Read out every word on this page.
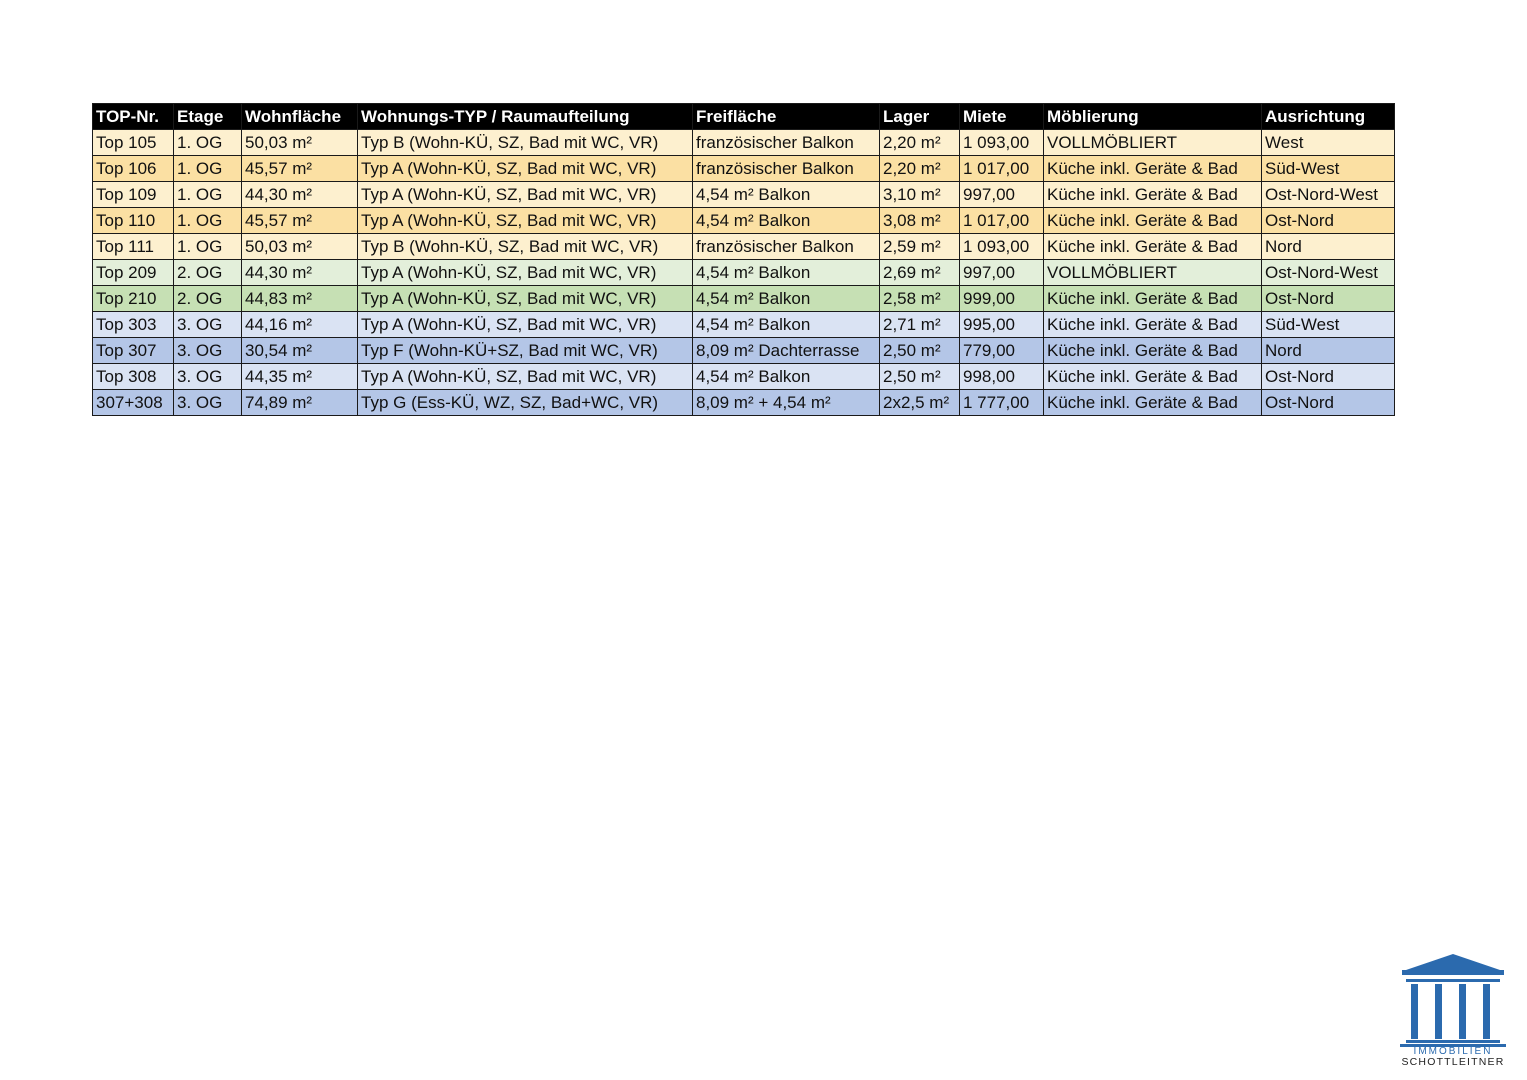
TOP-Nr.	Etage	Wohnfläche	Wohnungs-TYP / Raumaufteilung	Freifläche	Lager	Miete	Möblierung	Ausrichtung
Top 105	1. OG	50,03 m²	Typ B (Wohn-KÜ, SZ, Bad mit WC, VR)	französischer Balkon	2,20 m²	1 093,00	VOLLMÖBLIERT	West
Top 106	1. OG	45,57 m²	Typ A (Wohn-KÜ, SZ, Bad mit WC, VR)	französischer Balkon	2,20 m²	1 017,00	Küche inkl. Geräte & Bad	Süd-West
Top 109	1. OG	44,30 m²	Typ A (Wohn-KÜ, SZ, Bad mit WC, VR)	4,54 m² Balkon	3,10 m²	997,00	Küche inkl. Geräte & Bad	Ost-Nord-West
Top 110	1. OG	45,57 m²	Typ A (Wohn-KÜ, SZ, Bad mit WC, VR)	4,54 m² Balkon	3,08 m²	1 017,00	Küche inkl. Geräte & Bad	Ost-Nord
Top 111	1. OG	50,03 m²	Typ B (Wohn-KÜ, SZ, Bad mit WC, VR)	französischer Balkon	2,59 m²	1 093,00	Küche inkl. Geräte & Bad	Nord
Top 209	2. OG	44,30 m²	Typ A (Wohn-KÜ, SZ, Bad mit WC, VR)	4,54 m² Balkon	2,69 m²	997,00	VOLLMÖBLIERT	Ost-Nord-West
Top 210	2. OG	44,83 m²	Typ A (Wohn-KÜ, SZ, Bad mit WC, VR)	4,54 m² Balkon	2,58 m²	999,00	Küche inkl. Geräte & Bad	Ost-Nord
Top 303	3. OG	44,16 m²	Typ A (Wohn-KÜ, SZ, Bad mit WC, VR)	4,54 m² Balkon	2,71 m²	995,00	Küche inkl. Geräte & Bad	Süd-West
Top 307	3. OG	30,54 m²	Typ F (Wohn-KÜ+SZ, Bad mit WC, VR)	8,09 m² Dachterrasse	2,50 m²	779,00	Küche inkl. Geräte & Bad	Nord
Top 308	3. OG	44,35 m²	Typ A (Wohn-KÜ, SZ, Bad mit WC, VR)	4,54 m² Balkon	2,50 m²	998,00	Küche inkl. Geräte & Bad	Ost-Nord
307+308	3. OG	74,89 m²	Typ G (Ess-KÜ, WZ, SZ, Bad+WC, VR)	8,09 m² + 4,54 m²	2x2,5 m²	1 777,00	Küche inkl. Geräte & Bad	Ost-Nord
IMMOBILIEN
SCHOTTLEITNER
